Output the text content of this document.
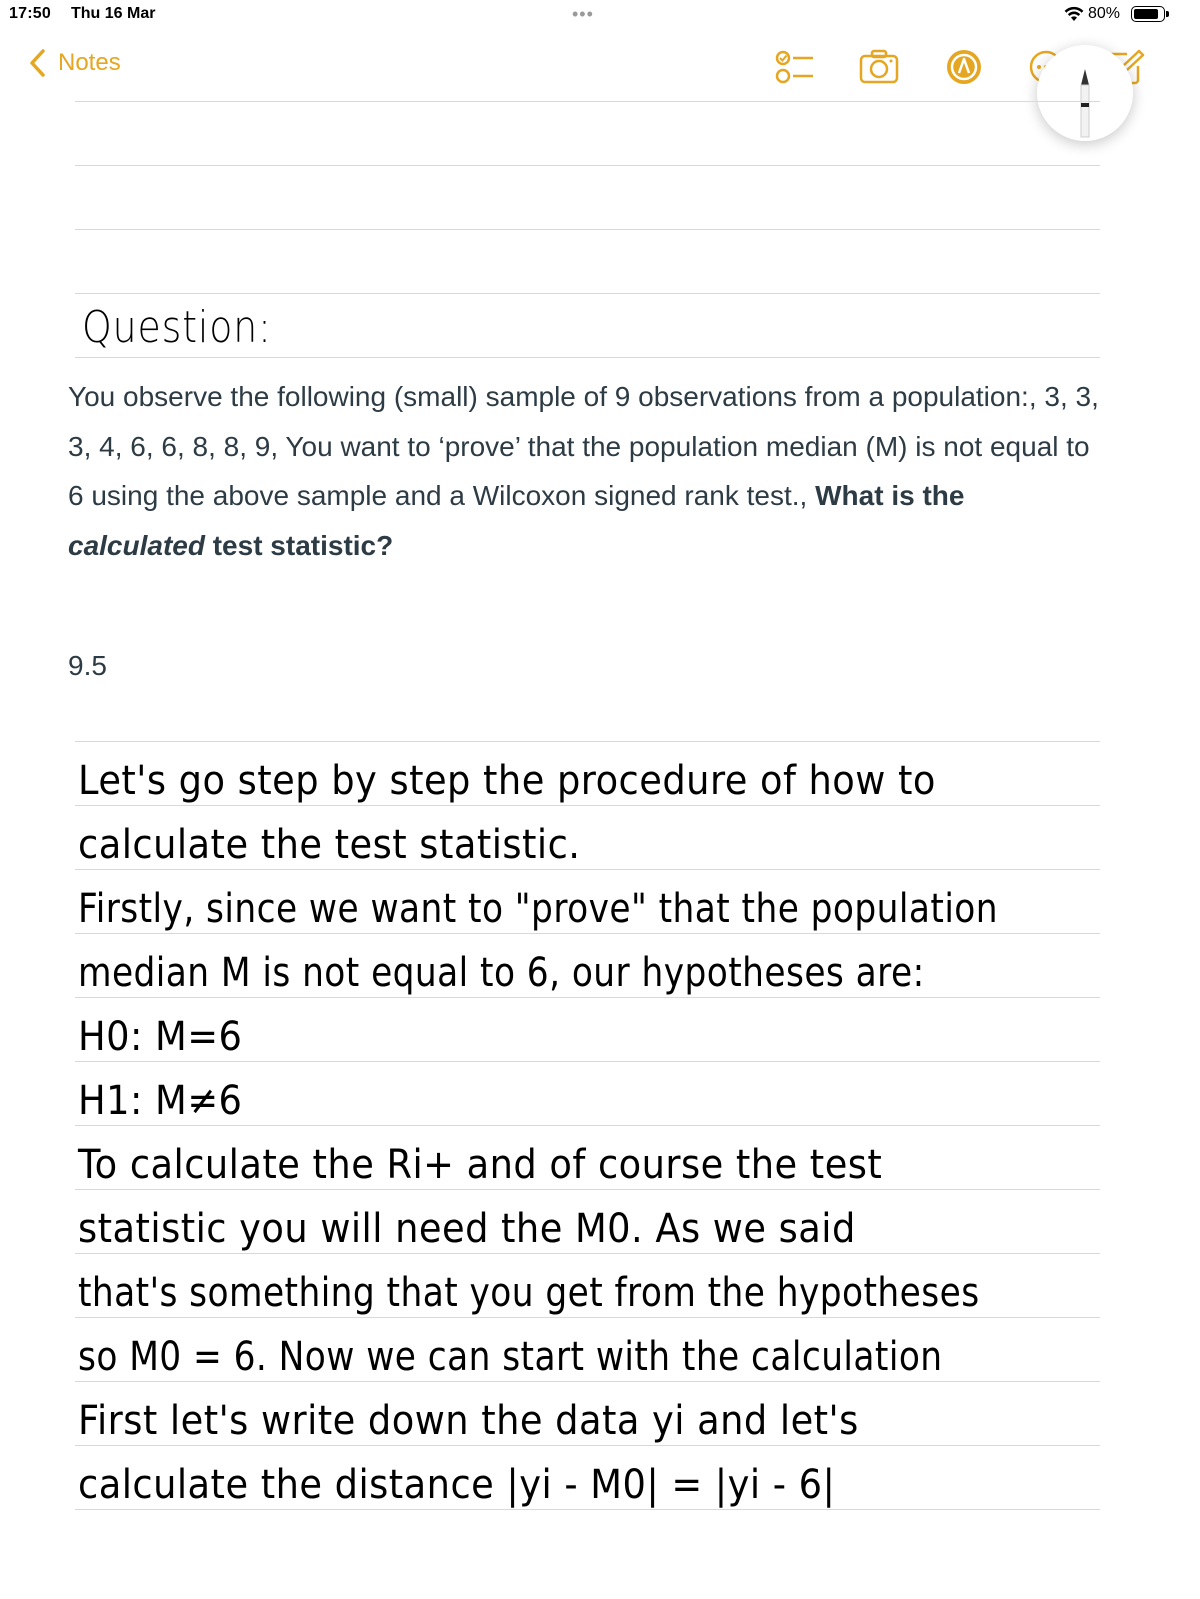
17:50 Thu 16 Mar	•••	80%
Notes
Question:
You observe the following (small) sample of 9 observations from a population:, 3, 3, 3, 4, 6, 6, 8, 8, 9, You want to ‘prove’ that the population median (M) is not equal to 6 using the above sample and a Wilcoxon signed rank test., What is the calculated test statistic?
9.5
Let's go step by step the procedure of how to
calculate the test statistic.
Firstly, since we want to "prove" that the population
median M is not equal to 6, our hypotheses are:
H0: M=6
H1: M≠6
To calculate the Ri+ and of course the test
statistic you will need the M0. As we said
that's something that you get from the hypotheses
so M0 = 6. Now we can start with the calculation
First let's write down the data yi and let's
calculate the distance |yi - M0| = |yi - 6|
